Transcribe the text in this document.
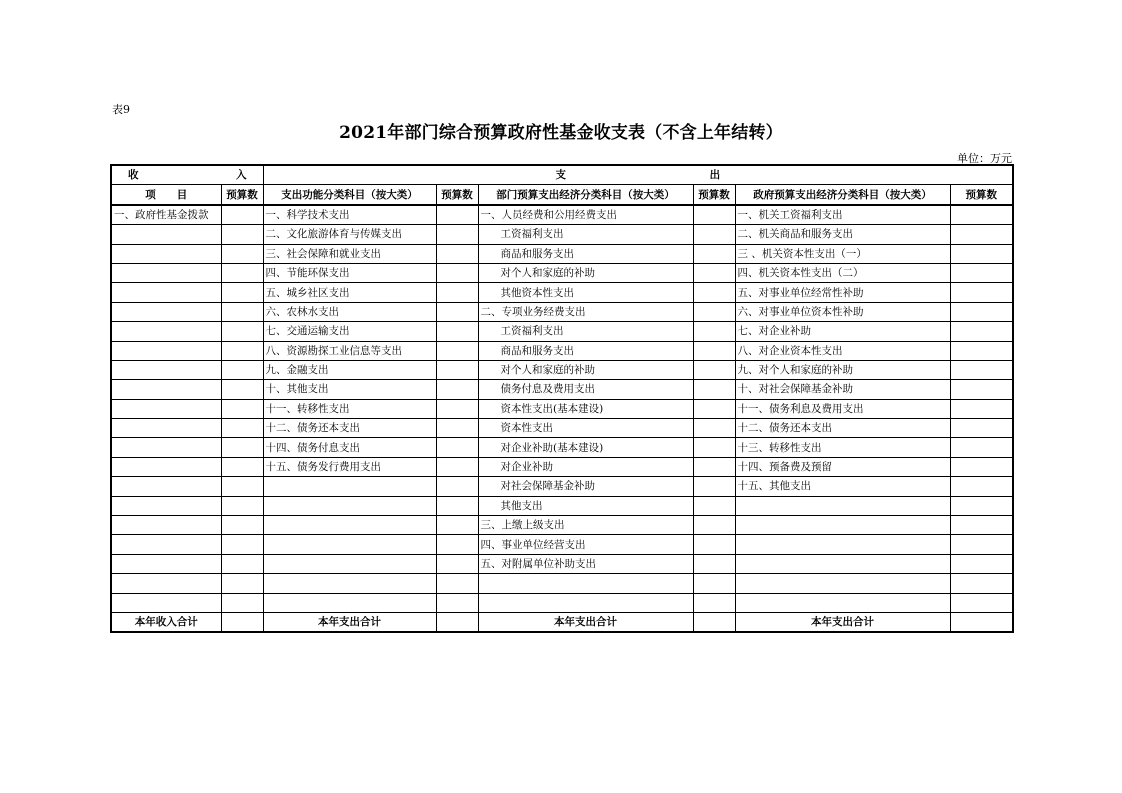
表9
2021年部门综合预算政府性基金收支表（不含上年结转）
单位：万元
收 入		支 出					
项　　目	预算数	支出功能分类科目（按大类）	预算数	部门预算支出经济分类科目（按大类）	预算数	政府预算支出经济分类科目（按大类）	预算数
一、政府性基金拨款		一、科学技术支出		一、人员经费和公用经费支出		一、机关工资福利支出	
		二、文化旅游体育与传媒支出		工资福利支出		二、机关商品和服务支出	
		三、社会保障和就业支出		商品和服务支出		三 、机关资本性支出（一）	
		四、节能环保支出		对个人和家庭的补助		四、机关资本性支出（二）	
		五、城乡社区支出		其他资本性支出		五、对事业单位经常性补助	
		六、农林水支出		二、专项业务经费支出		六、对事业单位资本性补助	
		七、交通运输支出		工资福利支出		七、对企业补助	
		八、资源勘探工业信息等支出		商品和服务支出		八、对企业资本性支出	
		九、金融支出		对个人和家庭的补助		九、对个人和家庭的补助	
		十、其他支出		债务付息及费用支出		十、对社会保障基金补助	
		十一、转移性支出		资本性支出(基本建设)		十一、债务利息及费用支出	
		十二、债务还本支出		资本性支出		十二、债务还本支出	
		十四、债务付息支出		对企业补助(基本建设)		十三、转移性支出	
		十五、债务发行费用支出		对企业补助		十四、预备费及预留	
				对社会保障基金补助		十五、其他支出	
				其他支出			
				三、上缴上级支出			
				四、事业单位经营支出			
				五、对附属单位补助支出			

本年收入合计		本年支出合计		本年支出合计		本年支出合计	
